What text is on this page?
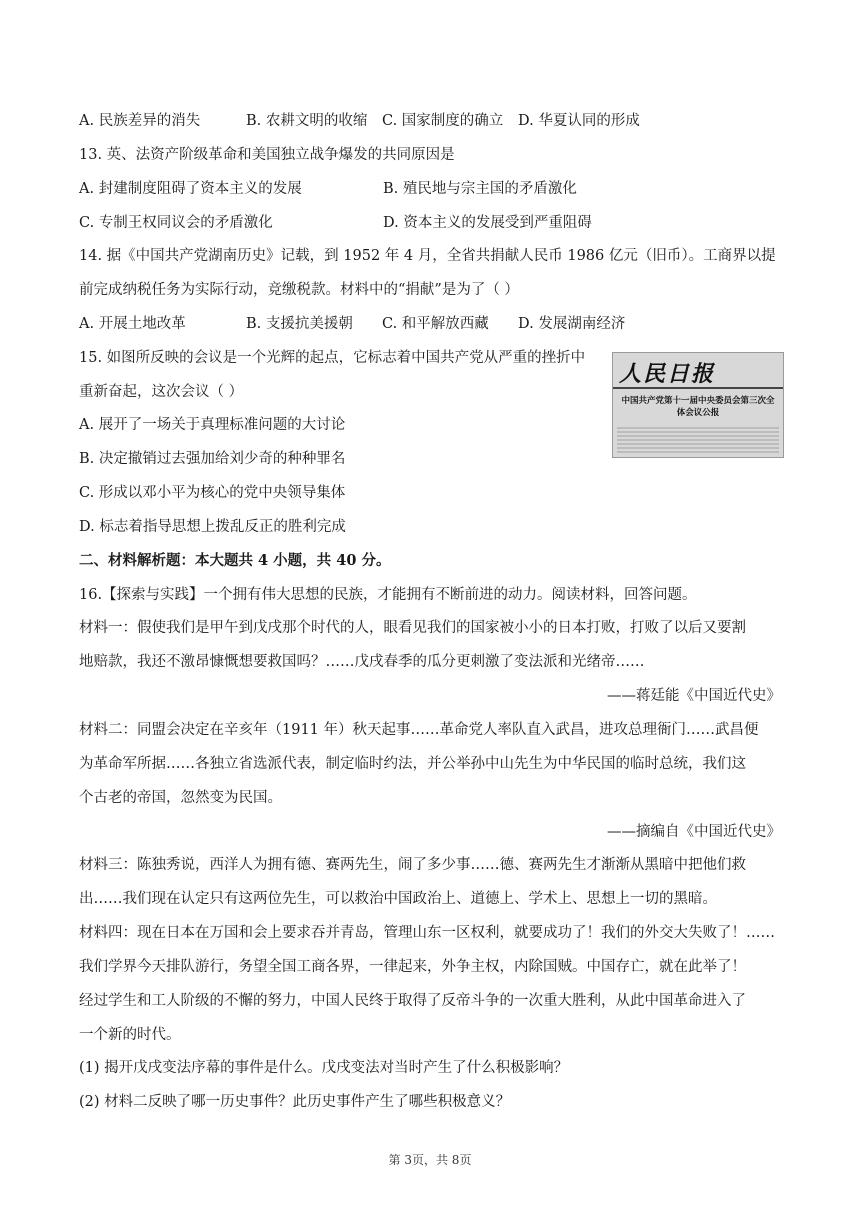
A. 民族差异的消失	B. 农耕文明的收缩 C. 国家制度的确立 D. 华夏认同的形成
13. 英、法资产阶级革命和美国独立战争爆发的共同原因是
A. 封建制度阻碍了资本主义的发展	B. 殖民地与宗主国的矛盾激化
C. 专制王权同议会的矛盾激化	D. 资本主义的发展受到严重阻碍
14. 据《中国共产党湖南历史》记载，到 1952 年 4 月，全省共捐献人民币 1986 亿元（旧币）。工商界以提
前完成纳税任务为实际行动，竞缴税款。材料中的“捐献”是为了（ ）
A. 开展土地改革	B. 支援抗美援朝 C. 和平解放西藏 D. 发展湖南经济
15. 如图所反映的会议是一个光辉的起点，它标志着中国共产党从严重的挫折中
重新奋起，这次会议（ ）
A. 展开了一场关于真理标准问题的大讨论
B. 决定撤销过去强加给刘少奇的种种罪名
C. 形成以邓小平为核心的党中央领导集体
D. 标志着指导思想上拨乱反正的胜利完成
人民日报
中国共产党第十一届中央委员会第三次全体会议公报
二、材料解析题：本大题共 4 小题，共 40 分。
16.【探索与实践】一个拥有伟大思想的民族，才能拥有不断前进的动力。阅读材料，回答问题。
材料一：假使我们是甲午到戊戌那个时代的人，眼看见我们的国家被小小的日本打败，打败了以后又要割
地赔款，我还不激昂慷慨想要救国吗？……戊戌春季的瓜分更刺激了变法派和光绪帝……
——蒋廷能《中国近代史》
材料二：同盟会决定在辛亥年（1911 年）秋天起事……革命党人率队直入武昌，进攻总理衙门……武昌便
为革命军所据……各独立省选派代表，制定临时约法，并公举孙中山先生为中华民国的临时总统，我们这
个古老的帝国，忽然变为民国。
——摘编自《中国近代史》
材料三：陈独秀说，西洋人为拥有德、赛两先生，闹了多少事……德、赛两先生才渐渐从黑暗中把他们救
出……我们现在认定只有这两位先生，可以救治中国政治上、道德上、学术上、思想上一切的黑暗。
材料四：现在日本在万国和会上要求吞并青岛，管理山东一区权利，就要成功了！我们的外交大失败了！……
我们学界今天排队游行，务望全国工商各界，一律起来，外争主权，内除国贼。中国存亡，就在此举了！
经过学生和工人阶级的不懈的努力，中国人民终于取得了反帝斗争的一次重大胜利，从此中国革命进入了
一个新的时代。
(1) 揭开戊戌变法序幕的事件是什么。戊戌变法对当时产生了什么积极影响？
(2) 材料二反映了哪一历史事件？此历史事件产生了哪些积极意义？
第 3页，共 8页
